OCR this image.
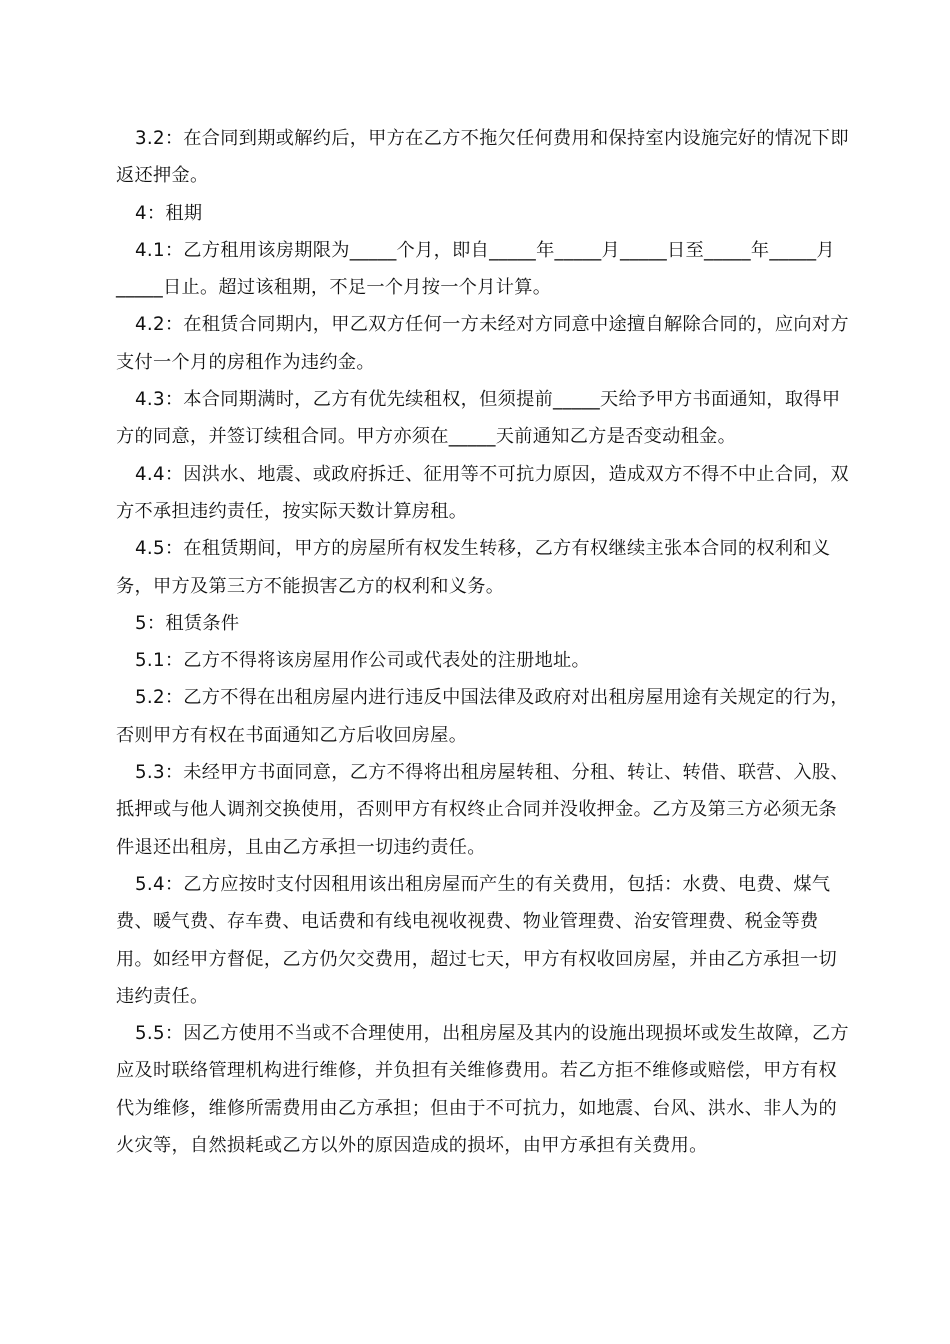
3.2：在合同到期或解约后，甲方在乙方不拖欠任何费用和保持室内设施完好的情况下即返还押金。

4：租期

4.1：乙方租用该房期限为_____个月，即自_____年_____月_____日至_____年_____月_____日止。超过该租期，不足一个月按一个月计算。

4.2：在租赁合同期内，甲乙双方任何一方未经对方同意中途擅自解除合同的，应向对方支付一个月的房租作为违约金。

4.3：本合同期满时，乙方有优先续租权，但须提前_____天给予甲方书面通知，取得甲方的同意，并签订续租合同。甲方亦须在_____天前通知乙方是否变动租金。

4.4：因洪水、地震、或政府拆迁、征用等不可抗力原因，造成双方不得不中止合同，双方不承担违约责任，按实际天数计算房租。

4.5：在租赁期间，甲方的房屋所有权发生转移，乙方有权继续主张本合同的权利和义务，甲方及第三方不能损害乙方的权利和义务。

5：租赁条件

5.1：乙方不得将该房屋用作公司或代表处的注册地址。

5.2：乙方不得在出租房屋内进行违反中国法律及政府对出租房屋用途有关规定的行为，否则甲方有权在书面通知乙方后收回房屋。

5.3：未经甲方书面同意，乙方不得将出租房屋转租、分租、转让、转借、联营、入股、抵押或与他人调剂交换使用，否则甲方有权终止合同并没收押金。乙方及第三方必须无条件退还出租房，且由乙方承担一切违约责任。

5.4：乙方应按时支付因租用该出租房屋而产生的有关费用，包括：水费、电费、煤气费、暖气费、存车费、电话费和有线电视收视费、物业管理费、治安管理费、税金等费用。如经甲方督促，乙方仍欠交费用，超过七天，甲方有权收回房屋，并由乙方承担一切违约责任。

5.5：因乙方使用不当或不合理使用，出租房屋及其内的设施出现损坏或发生故障，乙方应及时联络管理机构进行维修，并负担有关维修费用。若乙方拒不维修或赔偿，甲方有权代为维修，维修所需费用由乙方承担；但由于不可抗力，如地震、台风、洪水、非人为的火灾等，自然损耗或乙方以外的原因造成的损坏，由甲方承担有关费用。
